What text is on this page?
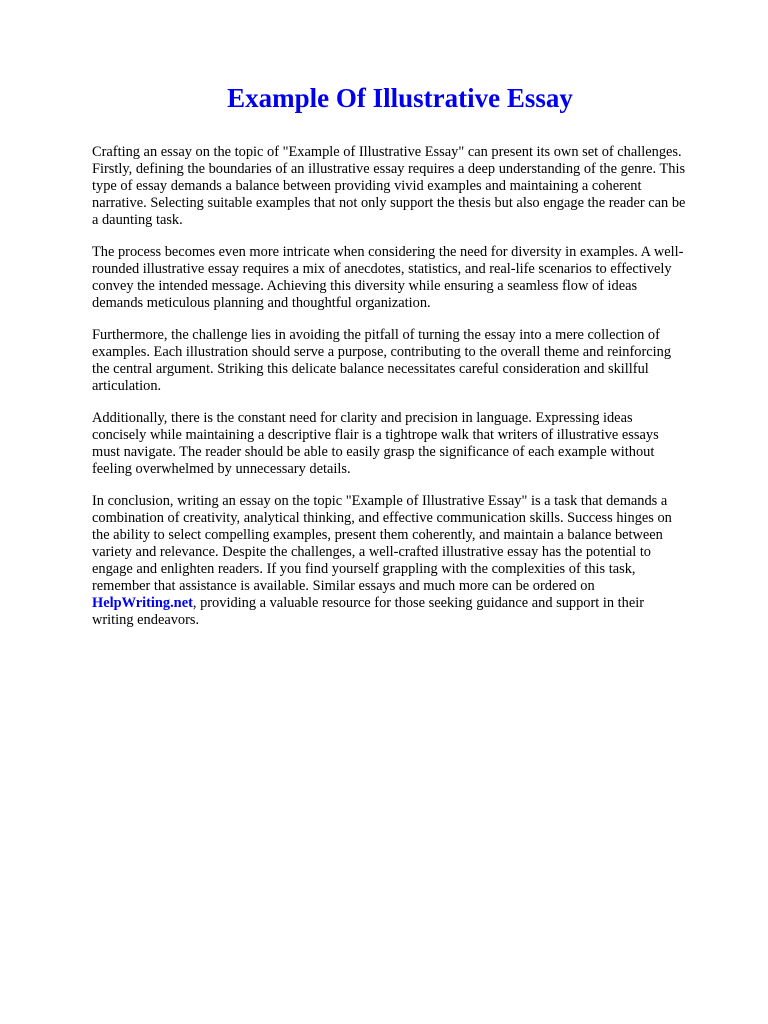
Example Of Illustrative Essay

Crafting an essay on the topic of "Example of Illustrative Essay" can present its own set of challenges. Firstly, defining the boundaries of an illustrative essay requires a deep understanding of the genre. This type of essay demands a balance between providing vivid examples and maintaining a coherent narrative. Selecting suitable examples that not only support the thesis but also engage the reader can be a daunting task.

The process becomes even more intricate when considering the need for diversity in examples. A well-rounded illustrative essay requires a mix of anecdotes, statistics, and real-life scenarios to effectively convey the intended message. Achieving this diversity while ensuring a seamless flow of ideas demands meticulous planning and thoughtful organization.

Furthermore, the challenge lies in avoiding the pitfall of turning the essay into a mere collection of examples. Each illustration should serve a purpose, contributing to the overall theme and reinforcing the central argument. Striking this delicate balance necessitates careful consideration and skillful articulation.

Additionally, there is the constant need for clarity and precision in language. Expressing ideas concisely while maintaining a descriptive flair is a tightrope walk that writers of illustrative essays must navigate. The reader should be able to easily grasp the significance of each example without feeling overwhelmed by unnecessary details.

In conclusion, writing an essay on the topic "Example of Illustrative Essay" is a task that demands a combination of creativity, analytical thinking, and effective communication skills. Success hinges on the ability to select compelling examples, present them coherently, and maintain a balance between variety and relevance. Despite the challenges, a well-crafted illustrative essay has the potential to engage and enlighten readers. If you find yourself grappling with the complexities of this task, remember that assistance is available. Similar essays and much more can be ordered on HelpWriting.net, providing a valuable resource for those seeking guidance and support in their writing endeavors.
